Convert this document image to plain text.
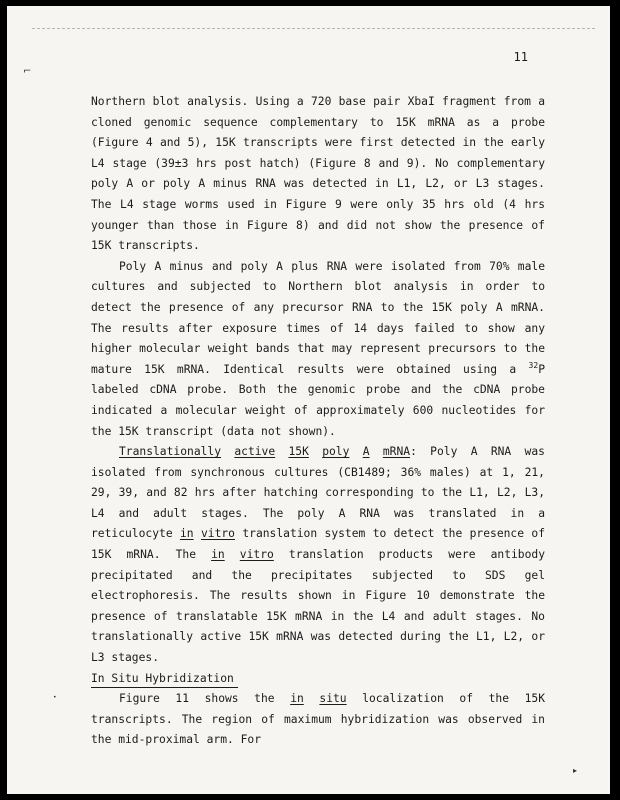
⌐
•
▸
11

Northern blot analysis. Using a 720 base pair XbaI fragment from a cloned genomic sequence complementary to 15K mRNA as a probe (Figure 4 and 5), 15K transcripts were first detected in the early L4 stage (39±3 hrs post hatch) (Figure 8 and 9). No complementary poly A or poly A minus RNA was detected in L1, L2, or L3 stages. The L4 stage worms used in Figure 9 were only 35 hrs old (4 hrs younger than those in Figure 8) and did not show the presence of 15K transcripts.

Poly A minus and poly A plus RNA were isolated from 70% male cultures and subjected to Northern blot analysis in order to detect the presence of any precursor RNA to the 15K poly A mRNA. The results after exposure times of 14 days failed to show any higher molecular weight bands that may represent precursors to the mature 15K mRNA. Identical results were obtained using a $^{32}$P labeled cDNA probe. Both the genomic probe and the cDNA probe indicated a molecular weight of approximately 600 nucleotides for the 15K transcript (data not shown).

Translationally active 15K poly A mRNA: Poly A RNA was isolated from synchronous cultures (CB1489; 36% males) at 1, 21, 29, 39, and 82 hrs after hatching corresponding to the L1, L2, L3, L4 and adult stages. The poly A RNA was translated in a reticulocyte in vitro translation system to detect the presence of 15K mRNA. The in vitro translation products were antibody precipitated and the precipitates subjected to SDS gel electrophoresis. The results shown in Figure 10 demonstrate the presence of translatable 15K mRNA in the L4 and adult stages. No translationally active 15K mRNA was detected during the L1, L2, or L3 stages.

In Situ Hybridization

Figure 11 shows the in situ localization of the 15K transcripts. The region of maximum hybridization was observed in the mid-proximal arm. For
